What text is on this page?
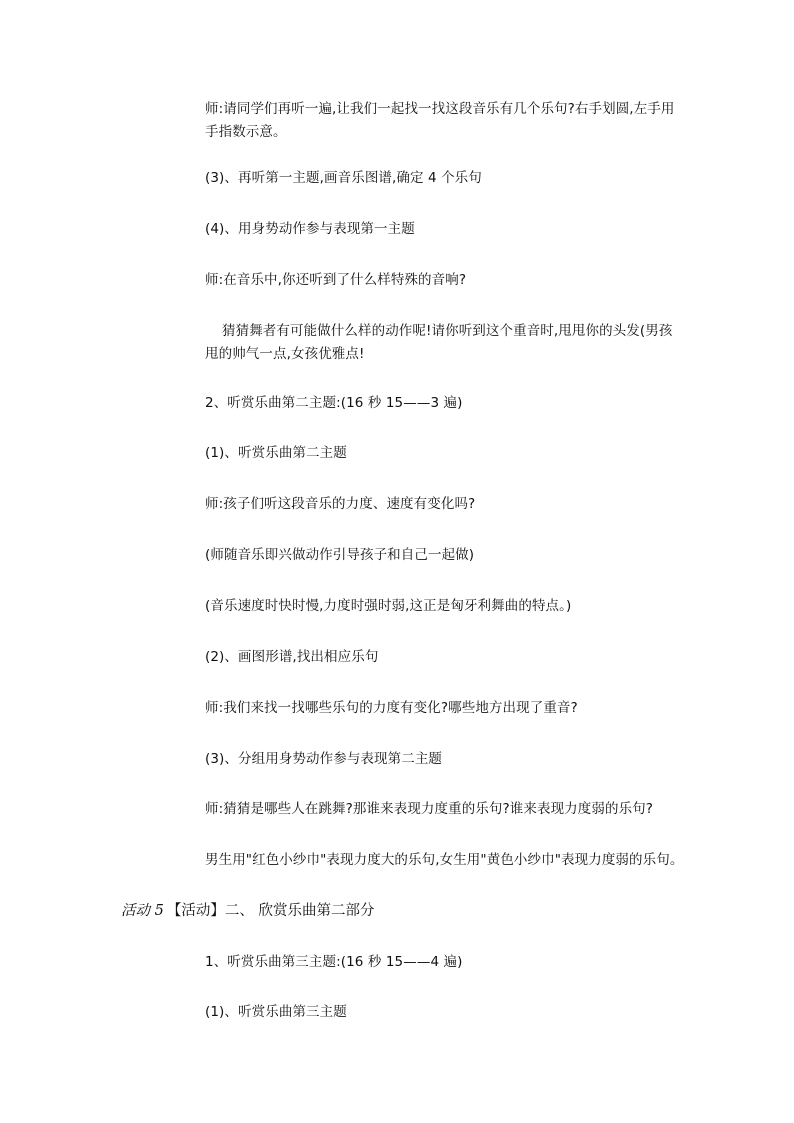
师:请同学们再听一遍,让我们一起找一找这段音乐有几个乐句?右手划圆,左手用手指数示意。
(3)、再听第一主题,画音乐图谱,确定 4 个乐句
(4)、用身势动作参与表现第一主题
师:在音乐中,你还听到了什么样特殊的音响?
猜猜舞者有可能做什么样的动作呢!请你听到这个重音时,甩甩你的头发(男孩甩的帅气一点,女孩优雅点!
2、听赏乐曲第二主题:(16 秒 15——3 遍)
(1)、听赏乐曲第二主题
师:孩子们听这段音乐的力度、速度有变化吗?
(师随音乐即兴做动作引导孩子和自己一起做)
(音乐速度时快时慢,力度时强时弱,这正是匈牙利舞曲的特点。)
(2)、画图形谱,找出相应乐句
师:我们来找一找哪些乐句的力度有变化?哪些地方出现了重音?
(3)、分组用身势动作参与表现第二主题
师:猜猜是哪些人在跳舞?那谁来表现力度重的乐句?谁来表现力度弱的乐句?
男生用"红色小纱巾"表现力度大的乐句,女生用"黄色小纱巾"表现力度弱的乐句。
活动 5 【活动】二、 欣赏乐曲第二部分
1、听赏乐曲第三主题:(16 秒 15——4 遍)
(1)、听赏乐曲第三主题
